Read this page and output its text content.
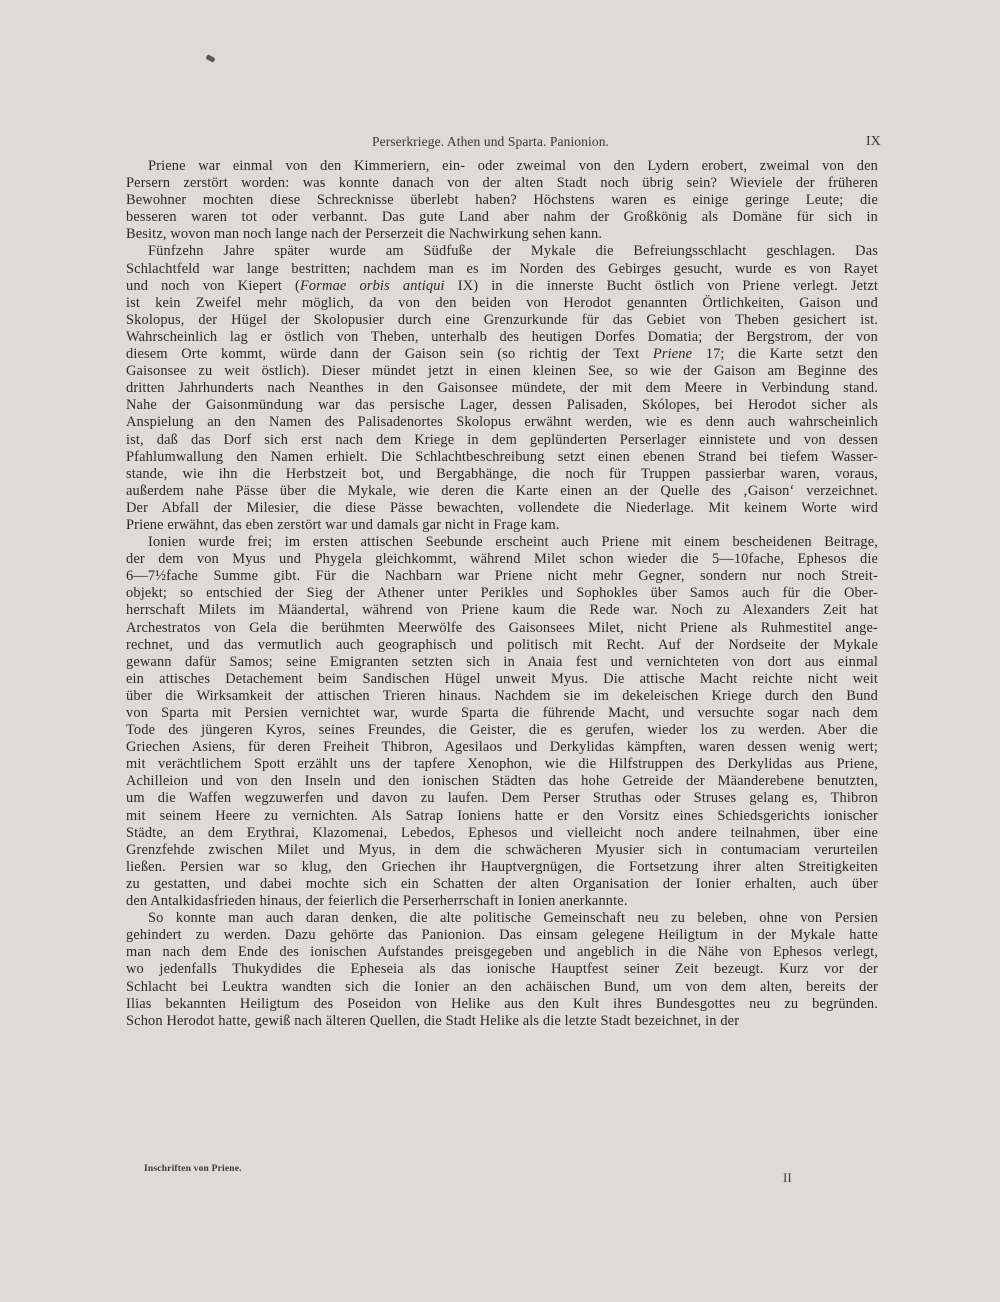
Perserkriege. Athen und Sparta. Panionion.	IX

Priene war einmal von den Kimmeriern, ein- oder zweimal von den Lydern erobert, zweimal von den
Persern zerstört worden: was konnte danach von der alten Stadt noch übrig sein? Wieviele der früheren
Bewohner mochten diese Schrecknisse überlebt haben? Höchstens waren es einige geringe Leute; die
besseren waren tot oder verbannt. Das gute Land aber nahm der Großkönig als Domäne für sich in
Besitz, wovon man noch lange nach der Perserzeit die Nachwirkung sehen kann.

Fünfzehn Jahre später wurde am Südfuße der Mykale die Befreiungsschlacht geschlagen. Das
Schlachtfeld war lange bestritten; nachdem man es im Norden des Gebirges gesucht, wurde es von Rayet
und noch von Kiepert (Formae orbis antiqui IX) in die innerste Bucht östlich von Priene verlegt. Jetzt
ist kein Zweifel mehr möglich, da von den beiden von Herodot genannten Örtlichkeiten, Gaison und
Skolopus, der Hügel der Skolopusier durch eine Grenzurkunde für das Gebiet von Theben gesichert ist.
Wahrscheinlich lag er östlich von Theben, unterhalb des heutigen Dorfes Domatia; der Bergstrom, der von
diesem Orte kommt, würde dann der Gaison sein (so richtig der Text Priene 17; die Karte setzt den
Gaisonsee zu weit östlich). Dieser mündet jetzt in einen kleinen See, so wie der Gaison am Beginne des
dritten Jahrhunderts nach Neanthes in den Gaisonsee mündete, der mit dem Meere in Verbindung stand.
Nahe der Gaisonmündung war das persische Lager, dessen Palisaden, Skólopes, bei Herodot sicher als
Anspielung an den Namen des Palisadenortes Skolopus erwähnt werden, wie es denn auch wahrscheinlich
ist, daß das Dorf sich erst nach dem Kriege in dem geplünderten Perserlager einnistete und von dessen
Pfahlumwallung den Namen erhielt. Die Schlachtbeschreibung setzt einen ebenen Strand bei tiefem Wasser-
stande, wie ihn die Herbstzeit bot, und Bergabhänge, die noch für Truppen passierbar waren, voraus,
außerdem nahe Pässe über die Mykale, wie deren die Karte einen an der Quelle des ‚Gaison‘ verzeichnet.
Der Abfall der Milesier, die diese Pässe bewachten, vollendete die Niederlage. Mit keinem Worte wird
Priene erwähnt, das eben zerstört war und damals gar nicht in Frage kam.

Ionien wurde frei; im ersten attischen Seebunde erscheint auch Priene mit einem bescheidenen Beitrage,
der dem von Myus und Phygela gleichkommt, während Milet schon wieder die 5—10fache, Ephesos die
6—7½fache Summe gibt. Für die Nachbarn war Priene nicht mehr Gegner, sondern nur noch Streit-
objekt; so entschied der Sieg der Athener unter Perikles und Sophokles über Samos auch für die Ober-
herrschaft Milets im Mäandertal, während von Priene kaum die Rede war. Noch zu Alexanders Zeit hat
Archestratos von Gela die berühmten Meerwölfe des Gaisonsees Milet, nicht Priene als Ruhmestitel ange-
rechnet, und das vermutlich auch geographisch und politisch mit Recht. Auf der Nordseite der Mykale
gewann dafür Samos; seine Emigranten setzten sich in Anaia fest und vernichteten von dort aus einmal
ein attisches Detachement beim Sandischen Hügel unweit Myus. Die attische Macht reichte nicht weit
über die Wirksamkeit der attischen Trieren hinaus. Nachdem sie im dekeleischen Kriege durch den Bund
von Sparta mit Persien vernichtet war, wurde Sparta die führende Macht, und versuchte sogar nach dem
Tode des jüngeren Kyros, seines Freundes, die Geister, die es gerufen, wieder los zu werden. Aber die
Griechen Asiens, für deren Freiheit Thibron, Agesilaos und Derkylidas kämpften, waren dessen wenig wert;
mit verächtlichem Spott erzählt uns der tapfere Xenophon, wie die Hilfstruppen des Derkylidas aus Priene,
Achilleion und von den Inseln und den ionischen Städten das hohe Getreide der Mäanderebene benutzten,
um die Waffen wegzuwerfen und davon zu laufen. Dem Perser Struthas oder Struses gelang es, Thibron
mit seinem Heere zu vernichten. Als Satrap Ioniens hatte er den Vorsitz eines Schiedsgerichts ionischer
Städte, an dem Erythrai, Klazomenai, Lebedos, Ephesos und vielleicht noch andere teilnahmen, über eine
Grenzfehde zwischen Milet und Myus, in dem die schwächeren Myusier sich in contumaciam verurteilen
ließen. Persien war so klug, den Griechen ihr Hauptvergnügen, die Fortsetzung ihrer alten Streitigkeiten
zu gestatten, und dabei mochte sich ein Schatten der alten Organisation der Ionier erhalten, auch über
den Antalkidasfrieden hinaus, der feierlich die Perserherrschaft in Ionien anerkannte.

So konnte man auch daran denken, die alte politische Gemeinschaft neu zu beleben, ohne von Persien
gehindert zu werden. Dazu gehörte das Panionion. Das einsam gelegene Heiligtum in der Mykale hatte
man nach dem Ende des ionischen Aufstandes preisgegeben und angeblich in die Nähe von Ephesos verlegt,
wo jedenfalls Thukydides die Epheseia als das ionische Hauptfest seiner Zeit bezeugt. Kurz vor der
Schlacht bei Leuktra wandten sich die Ionier an den achäischen Bund, um von dem alten, bereits der
Ilias bekannten Heiligtum des Poseidon von Helike aus den Kult ihres Bundesgottes neu zu begründen.
Schon Herodot hatte, gewiß nach älteren Quellen, die Stadt Helike als die letzte Stadt bezeichnet, in der

Inschriften von Priene.
II
